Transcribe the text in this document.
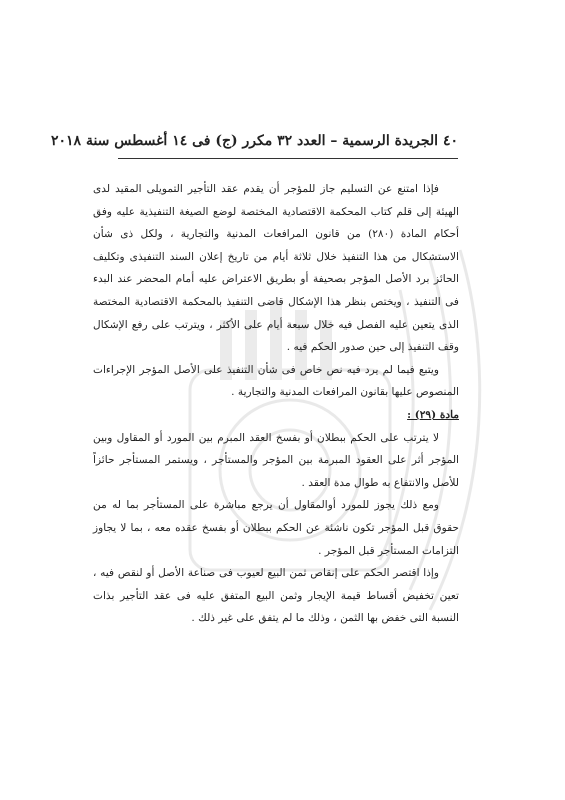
٤٠ الجريدة الرسمية – العدد ٣٢ مكرر (ج) فى ١٤ أغسطس سنة ٢٠١٨

فإذا امتنع عن التسليم جاز للمؤجر أن يقدم عقد التأجير التمويلى المقيد لدى الهيئة إلى قلم كتاب المحكمة الاقتصادية المختصة لوضع الصيغة التنفيذية عليه وفق أحكام المادة (٢٨٠) من قانون المرافعات المدنية والتجارية ، ولكل ذى شأن الاستشكال من هذا التنفيذ خلال ثلاثة أيام من تاريخ إعلان السند التنفيذى وتكليف الحائز برد الأصل المؤجر بصحيفة أو بطريق الاعتراض عليه أمام المحضر عند البدء فى التنفيذ ، ويختص بنظر هذا الإشكال قاضى التنفيذ بالمحكمة الاقتصادية المختصة الذى يتعين عليه الفصل فيه خلال سبعة أيام على الأكثر ، ويترتب على رفع الإشكال وقف التنفيذ إلى حين صدور الحكم فيه .

ويتبع فيما لم يرد فيه نص خاص فى شأن التنفيذ على الأصل المؤجر الإجراءات المنصوص عليها بقانون المرافعات المدنية والتجارية .

مادة (٢٩) :

لا يترتب على الحكم ببطلان أو بفسخ العقد المبرم بين المورد أو المقاول وبين المؤجر أثر على العقود المبرمة بين المؤجر والمستأجر ، ويستمر المستأجر حائزاً للأصل والانتفاع به طوال مدة العقد .

ومع ذلك يجوز للمورد أوالمقاول أن يرجع مباشرة على المستأجر بما له من حقوق قبل المؤجر تكون ناشئة عن الحكم ببطلان أو بفسخ عقده معه ، بما لا يجاوز التزامات المستأجر قبل المؤجر .

وإذا اقتصر الحكم على إنقاص ثمن البيع لعيوب فى صناعة الأصل أو لنقص فيه ، تعين تخفيض أقساط قيمة الإيجار وثمن البيع المتفق عليه فى عقد التأجير بذات النسبة التى خفض بها الثمن ، وذلك ما لم يتفق على غير ذلك .
